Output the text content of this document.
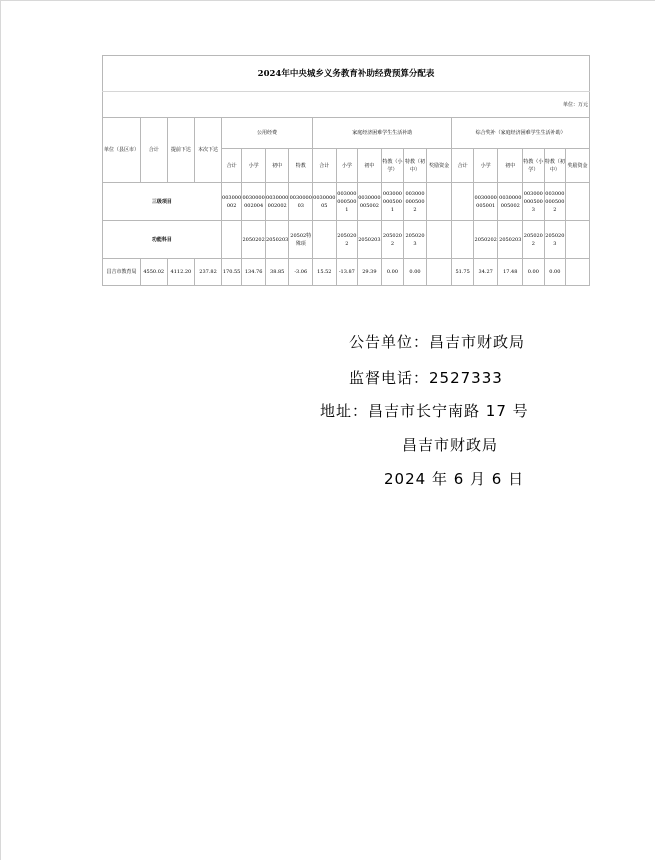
2024年中央城乡义务教育补助经费预算分配表																			
单位：万元																			
单位（县区市）	合计	提前下达	本次下达	公用经费				家庭经济困难学生生活补助						综合奖补（家庭经济困难学生生活补助）					
				合计	小学	初中	特教	合计	小学	初中	特教（小学）	特教（初中）	奖励资金	合计	小学	初中	特教（小学）	特教（初中）	奖励资金
三级项目				003000002	0030000002004	0030000002002	003000003	003000005	0030000005001	0030000005002	0030000005001	0030000005002			0030000005001	0030000005002	0030000005003	0030000005002	
功能科目					2050202	2050203	20502特殊项		2050202	2050203	2050202	2050203			2050202	2050203	2050202	2050203	
昌吉市教育局	4550.02	4112.20	237.82	170.55	134.76	38.85	-3.06	15.52	-13.87	29.39	0.00	0.00		51.75	34.27	17.48	0.00	0.00	
公告单位：昌吉市财政局
监督电话：2527333
地址：昌吉市长宁南路 17 号
昌吉市财政局
2024 年 6 月 6 日
